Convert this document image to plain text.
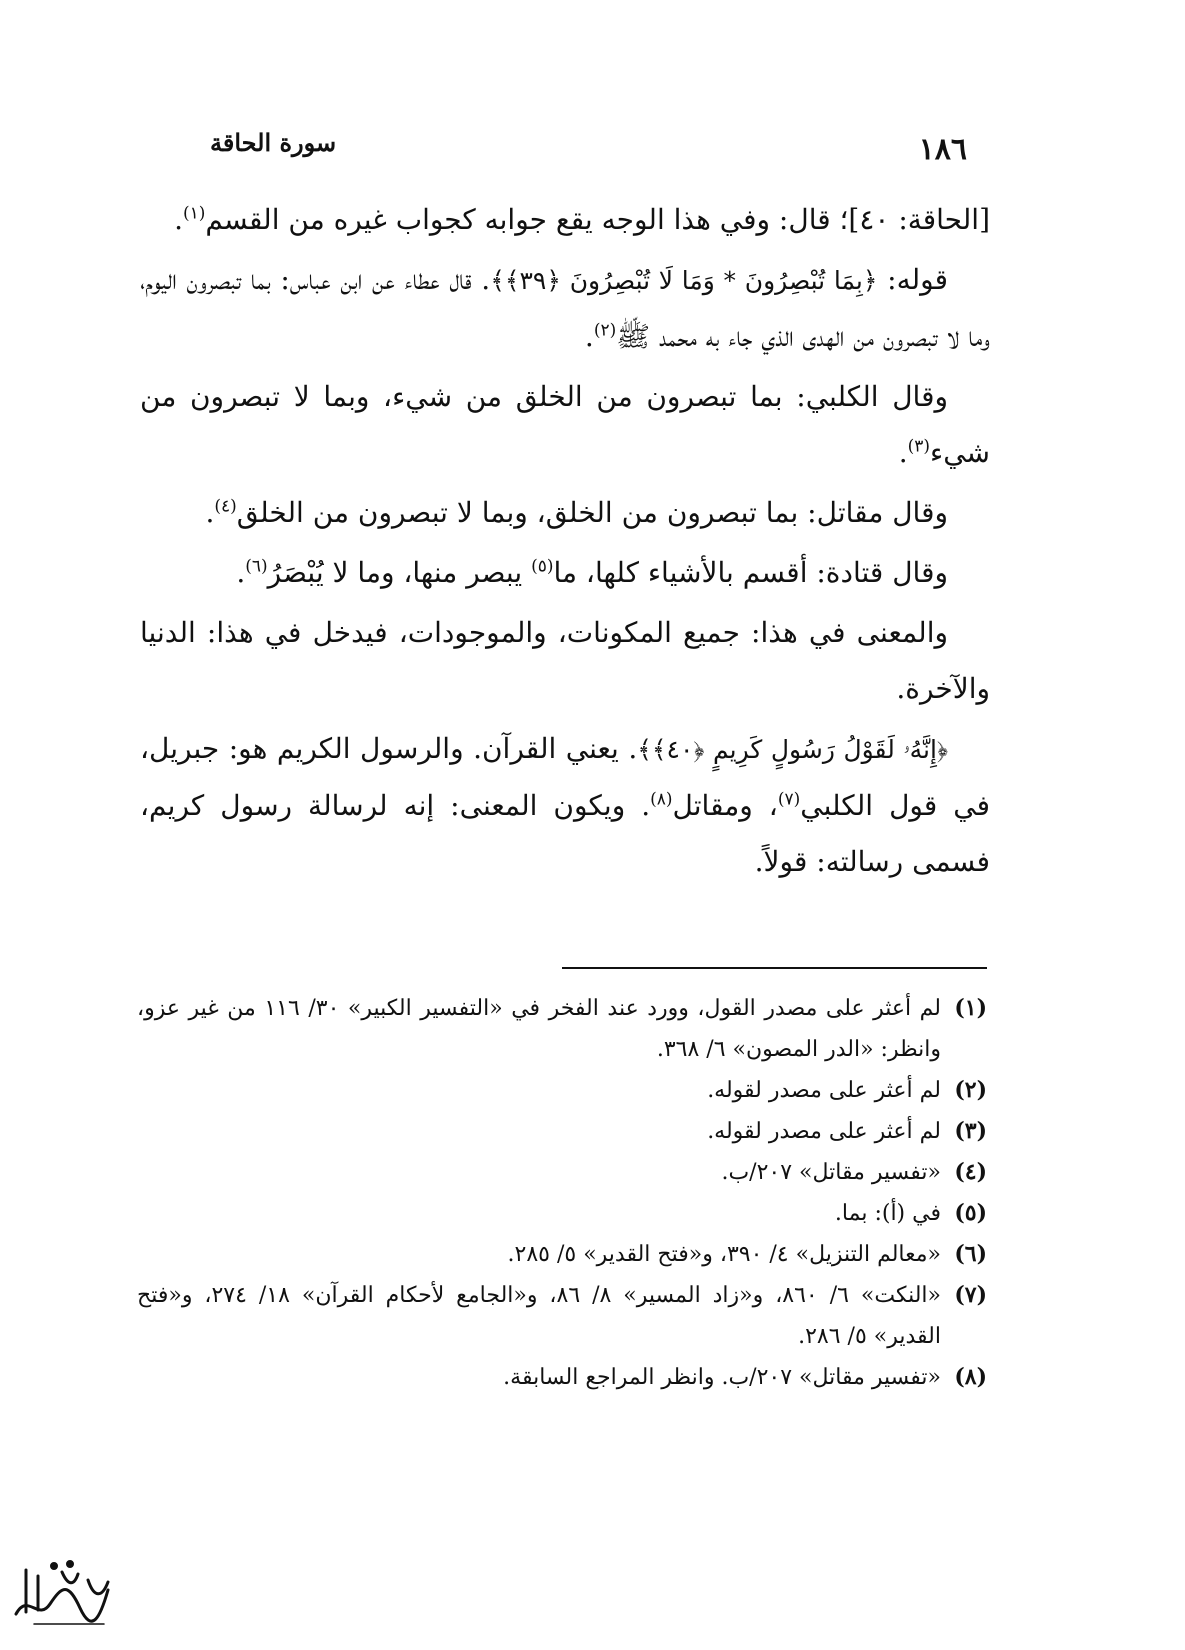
١٨٦
سورة الحاقة

[الحاقة: ٤٠]؛ قال: وفي هذا الوجه يقع جوابه كجواب غيره من القسم$^{(١)}$.

قوله: ﴿بِمَا تُبْصِرُونَ * وَمَا لَا تُبْصِرُونَ ﴿٣٩﴾﴾. قال عطاء عن ابن عباس: بما تبصرون اليوم، وما لا تبصرون من الهدى الذي جاء به محمد ﷺ$^{(٢)}$.

وقال الكلبي: بما تبصرون من الخلق من شيء، وبما لا تبصرون من شيء$^{(٣)}$.

وقال مقاتل: بما تبصرون من الخلق، وبما لا تبصرون من الخلق$^{(٤)}$.

وقال قتادة: أقسم بالأشياء كلها، ما$^{(٥)}$ يبصر منها، وما لا يُبْصَرُ$^{(٦)}$.

والمعنى في هذا: جميع المكونات، والموجودات، فيدخل في هذا: الدنيا والآخرة.

﴿إِنَّهُۥ لَقَوْلُ رَسُولٍ كَرِيمٍ ﴿٤٠﴾﴾. يعني القرآن. والرسول الكريم هو: جبريل، في قول الكلبي$^{(٧)}$، ومقاتل$^{(٨)}$. ويكون المعنى: إنه لرسالة رسول كريم، فسمى رسالته: قولاً.

(١)
لم أعثر على مصدر القول، وورد عند الفخر في «التفسير الكبير» ٣٠/ ١١٦ من غير عزو، وانظر: «الدر المصون» ٦/ ٣٦٨.
(٢)
لم أعثر على مصدر لقوله.
(٣)
لم أعثر على مصدر لقوله.
(٤)
«تفسير مقاتل» ٢٠٧/ب.
(٥)
في (أ): بما.
(٦)
«معالم التنزيل» ٤/ ٣٩٠، و«فتح القدير» ٥/ ٢٨٥.
(٧)
«النكت» ٦/ ٨٦٠، و«زاد المسير» ٨/ ٨٦، و«الجامع لأحكام القرآن» ١٨/ ٢٧٤، و«فتح القدير» ٥/ ٢٨٦.
(٨)
«تفسير مقاتل» ٢٠٧/ب. وانظر المراجع السابقة.
